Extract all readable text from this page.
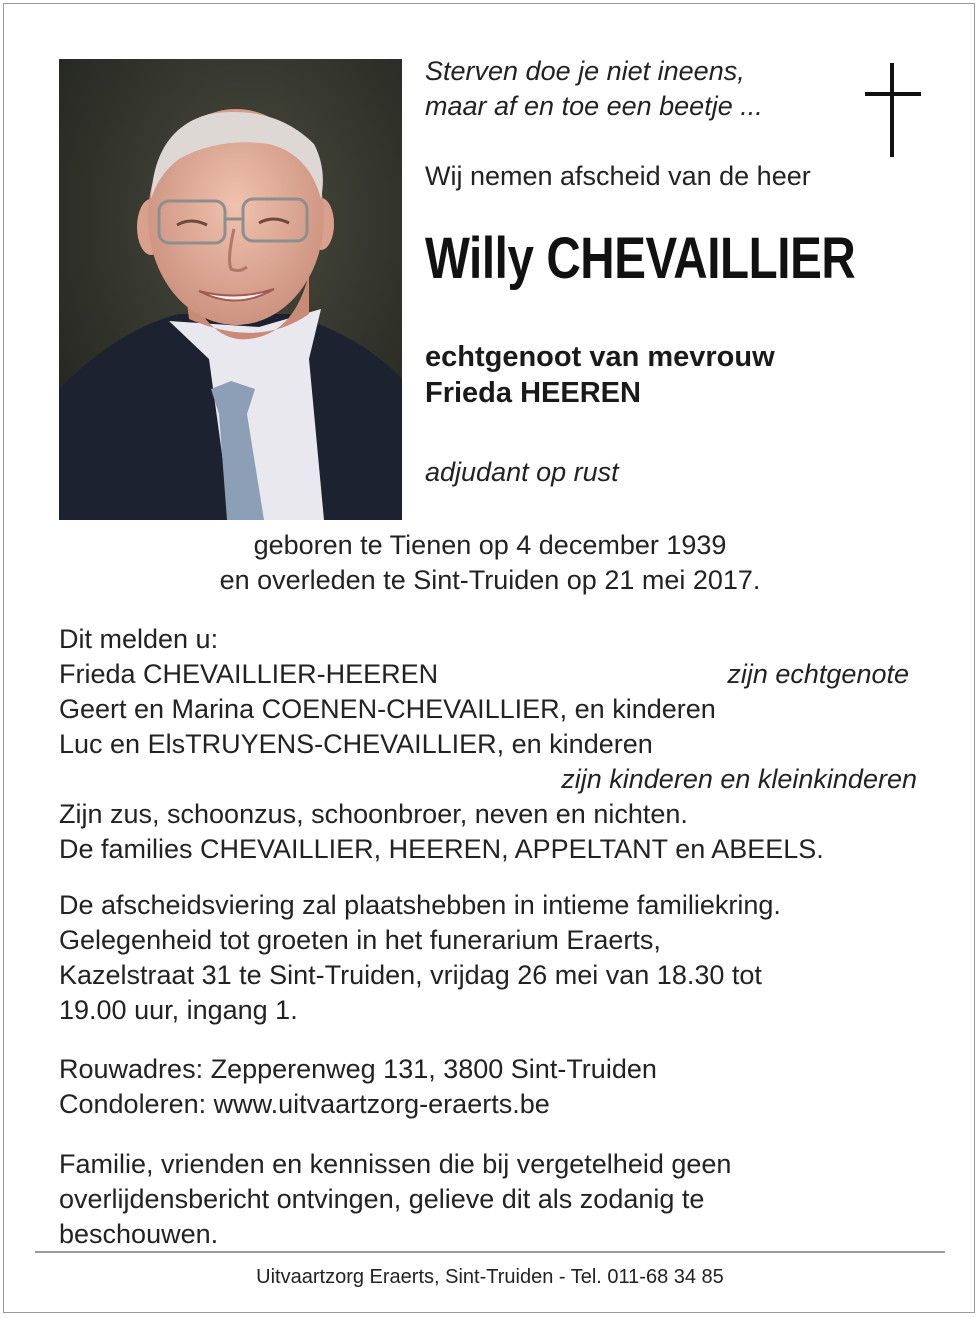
Sterven doe je niet ineens,
maar af en toe een beetje ...

Wij nemen afscheid van de heer

Willy CHEVAILLIER

echtgenoot van mevrouw
Frieda HEEREN

adjudant op rust

geboren te Tienen op 4 december 1939

en overleden te Sint-Truiden op 21 mei 2017.

Dit melden u:

Frieda CHEVAILLIER-HEEREN	zijn echtgenote

Geert en Marina COENEN-CHEVAILLIER, en kinderen

Luc en ElsTRUYENS-CHEVAILLIER, en kinderen

zijn kinderen en kleinkinderen

Zijn zus, schoonzus, schoonbroer, neven en nichten.

De families CHEVAILLIER, HEEREN, APPELTANT en ABEELS.

De afscheidsviering zal plaatshebben in intieme familiekring.

Gelegenheid tot groeten in het funerarium Eraerts,

Kazelstraat 31 te Sint-Truiden, vrijdag 26 mei van 18.30 tot

19.00 uur, ingang 1.

Rouwadres: Zepperenweg 131, 3800 Sint-Truiden

Condoleren: www.uitvaartzorg-eraerts.be

Familie, vrienden en kennissen die bij vergetelheid geen

overlijdensbericht ontvingen, gelieve dit als zodanig te

beschouwen.

Uitvaartzorg Eraerts, Sint-Truiden - Tel. 011-68 34 85
